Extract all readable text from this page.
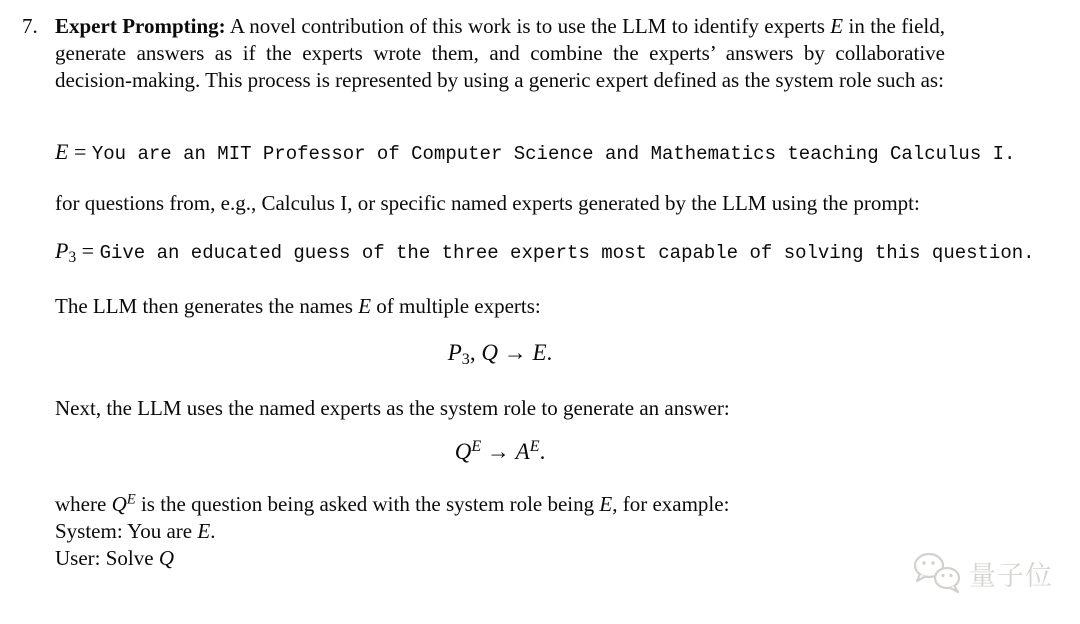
7. Expert Prompting: A novel contribution of this work is to use the LLM to identify experts E in the field, generate answers as if the experts wrote them, and combine the experts’ answers by collaborative decision-making. This process is represented by using a generic expert defined as the system role such as:

E = You are an MIT Professor of Computer Science and Mathematics teaching Calculus I.

for questions from, e.g., Calculus I, or specific named experts generated by the LLM using the prompt:

$P_3$ = Give an educated guess of the three experts most capable of solving this question.

The LLM then generates the names E of multiple experts:

$P_3$, Q → E.

Next, the LLM uses the named experts as the system role to generate an answer:

$Q^E \to A^E$.

where $Q^E$ is the question being asked with the system role being E, for example:

System: You are E.

User: Solve Q

量子位
